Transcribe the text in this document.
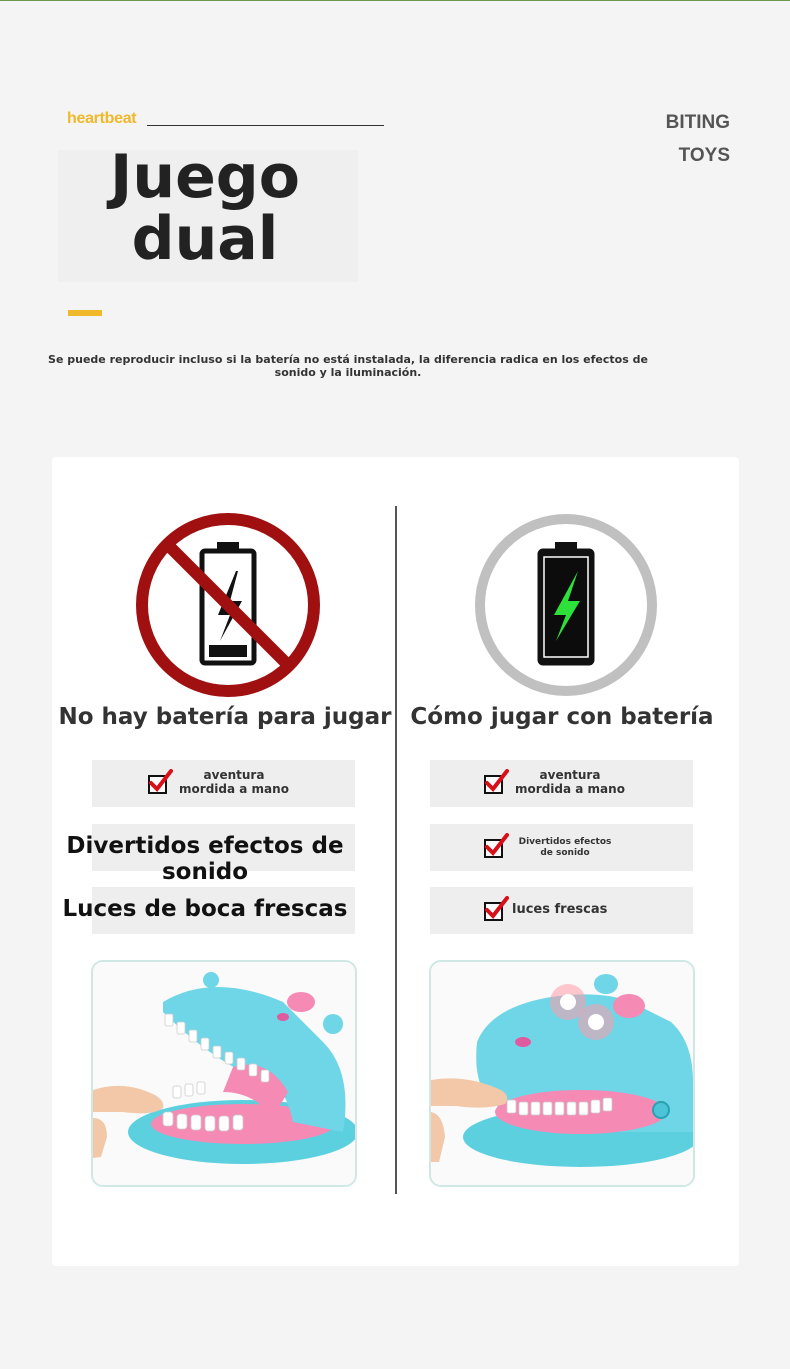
heartbeat	BITING
TOYS
Juego
dual
Se puede reproducir incluso si la batería no está instalada, la diferencia radica en los efectos de sonido y la iluminación.
No hay batería para jugar Cómo jugar con batería
aventura
mordida a mano
Divertidos efectos de sonido
Luces de boca frescas
aventura
mordida a mano
Divertidos efectos
de sonido
luces frescas
